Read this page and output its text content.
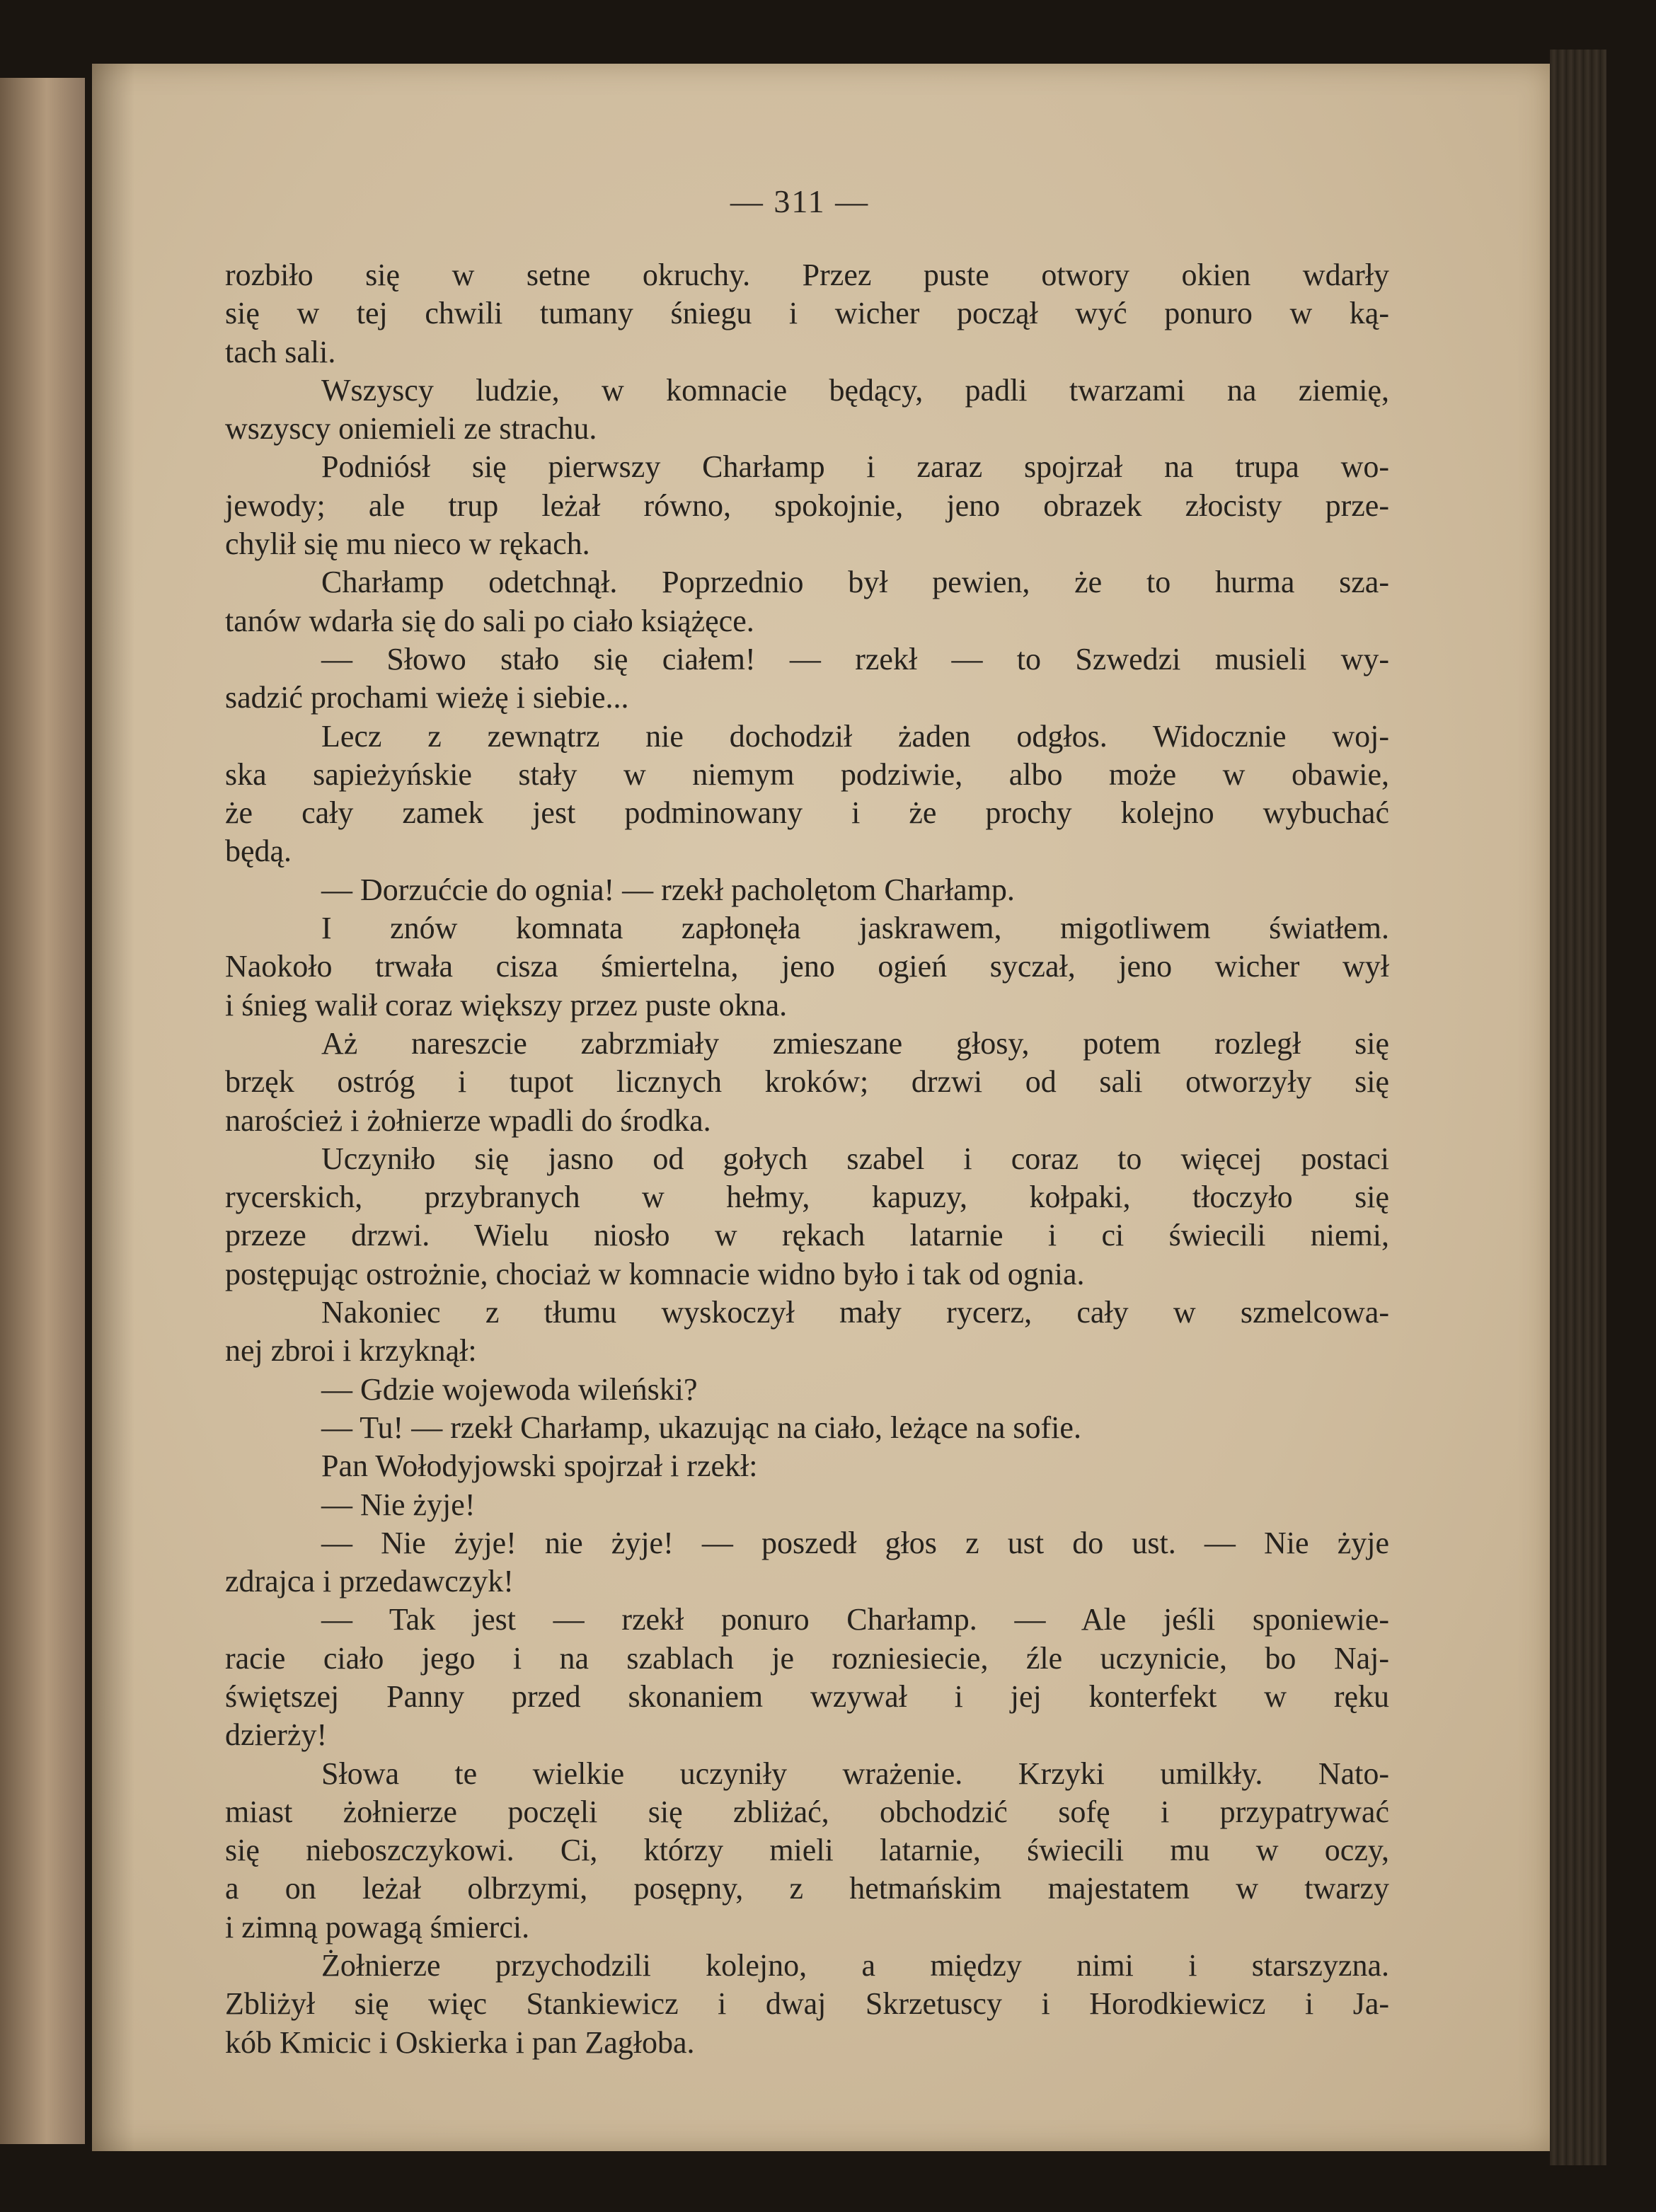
— 311 —

rozbiło się w setne okruchy. Przez puste otwory okien wdarły

się w tej chwili tumany śniegu i wicher począł wyć ponuro w ką-

tach sali.

Wszyscy ludzie, w komnacie będący, padli twarzami na ziemię,

wszyscy oniemieli ze strachu.

Podniósł się pierwszy Charłamp i zaraz spojrzał na trupa wo-

jewody; ale trup leżał równo, spokojnie, jeno obrazek złocisty prze-

chylił się mu nieco w rękach.

Charłamp odetchnął. Poprzednio był pewien, że to hurma sza-

tanów wdarła się do sali po ciało książęce.

— Słowo stało się ciałem! — rzekł — to Szwedzi musieli wy-

sadzić prochami wieżę i siebie...

Lecz z zewnątrz nie dochodził żaden odgłos. Widocznie woj-

ska sapieżyńskie stały w niemym podziwie, albo może w obawie,

że cały zamek jest podminowany i że prochy kolejno wybuchać

będą.

— Dorzućcie do ognia! — rzekł pacholętom Charłamp.

I znów komnata zapłonęła jaskrawem, migotliwem światłem.

Naokoło trwała cisza śmiertelna, jeno ogień syczał, jeno wicher wył

i śnieg walił coraz większy przez puste okna.

Aż nareszcie zabrzmiały zmieszane głosy, potem rozległ się

brzęk ostróg i tupot licznych kroków; drzwi od sali otworzyły się

naroścież i żołnierze wpadli do środka.

Uczyniło się jasno od gołych szabel i coraz to więcej postaci

rycerskich, przybranych w hełmy, kapuzy, kołpaki, tłoczyło się

przeze drzwi. Wielu niosło w rękach latarnie i ci świecili niemi,

postępując ostrożnie, chociaż w komnacie widno było i tak od ognia.

Nakoniec z tłumu wyskoczył mały rycerz, cały w szmelcowa-

nej zbroi i krzyknął:

— Gdzie wojewoda wileński?

— Tu! — rzekł Charłamp, ukazując na ciało, leżące na sofie.

Pan Wołodyjowski spojrzał i rzekł:

— Nie żyje!

— Nie żyje! nie żyje! — poszedł głos z ust do ust. — Nie żyje

zdrajca i przedawczyk!

— Tak jest — rzekł ponuro Charłamp. — Ale jeśli sponiewie-

racie ciało jego i na szablach je rozniesiecie, źle uczynicie, bo Naj-

świętszej Panny przed skonaniem wzywał i jej konterfekt w ręku

dzierży!

Słowa te wielkie uczyniły wrażenie. Krzyki umilkły. Nato-

miast żołnierze poczęli się zbliżać, obchodzić sofę i przypatrywać

się nieboszczykowi. Ci, którzy mieli latarnie, świecili mu w oczy,

a on leżał olbrzymi, posępny, z hetmańskim majestatem w twarzy

i zimną powagą śmierci.

Żołnierze przychodzili kolejno, a między nimi i starszyzna.

Zbliżył się więc Stankiewicz i dwaj Skrzetuscy i Horodkiewicz i Ja-

kób Kmicic i Oskierka i pan Zagłoba.
